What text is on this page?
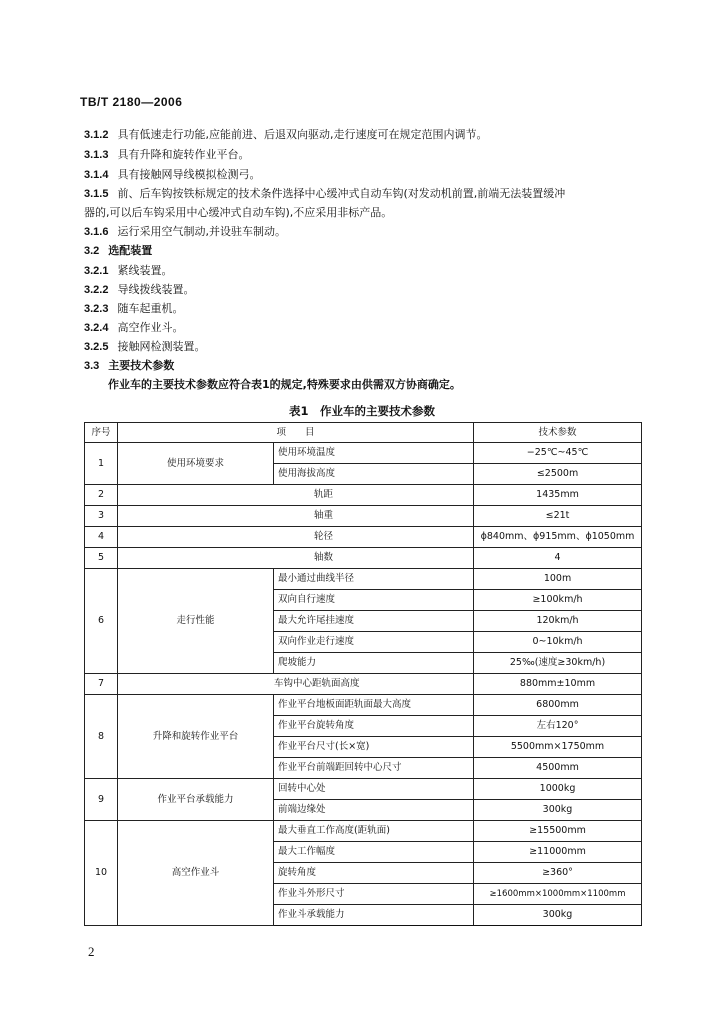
TB/T 2180—2006
3.1.2 具有低速走行功能,应能前进、后退双向驱动,走行速度可在规定范围内调节。
3.1.3 具有升降和旋转作业平台。
3.1.4 具有接触网导线模拟检测弓。
3.1.5 前、后车钩按铁标规定的技术条件选择中心缓冲式自动车钩(对发动机前置,前端无法装置缓冲
器的,可以后车钩采用中心缓冲式自动车钩),不应采用非标产品。
3.1.6 运行采用空气制动,并设驻车制动。
3.2 选配装置
3.2.1 紧线装置。
3.2.2 导线拨线装置。
3.2.3 随车起重机。
3.2.4 高空作业斗。
3.2.5 接触网检测装置。
3.3 主要技术参数
作业车的主要技术参数应符合表1的规定,特殊要求由供需双方协商确定。
表1　作业车的主要技术参数
序号	项　　目		技术参数
1	使用环境要求	使用环境温度	−25℃~45℃
		使用海拔高度	≤2500m
2	轨距		1435mm
3	轴重		≤21t
4	轮径		ϕ840mm、ϕ915mm、ϕ1050mm
5	轴数		4
6	走行性能	最小通过曲线半径	100m
		双向自行速度	≥100km/h
		最大允许尾挂速度	120km/h
		双向作业走行速度	0~10km/h
		爬坡能力	25‰(速度≥30km/h)
7	车钩中心距轨面高度		880mm±10mm
8	升降和旋转作业平台	作业平台地板面距轨面最大高度	6800mm
		作业平台旋转角度	左右120°
		作业平台尺寸(长×宽)	5500mm×1750mm
		作业平台前端距回转中心尺寸	4500mm
9	作业平台承载能力	回转中心处	1000kg
		前端边缘处	300kg
10	高空作业斗	最大垂直工作高度(距轨面)	≥15500mm
		最大工作幅度	≥11000mm
		旋转角度	≥360°
		作业斗外形尺寸	≥1600mm×1000mm×1100mm
		作业斗承载能力	300kg
2
